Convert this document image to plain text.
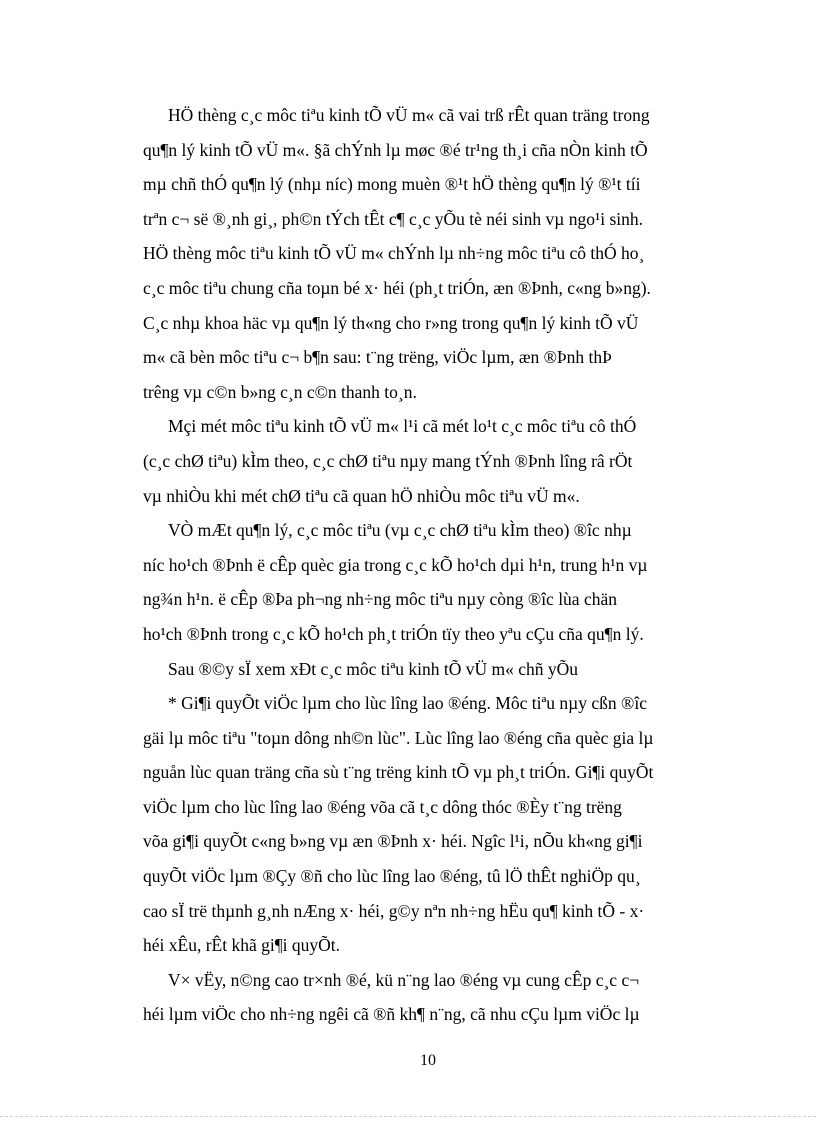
HÖ thèng c¸c môc tiªu kinh tÕ vÜ m« cã vai trß rÊt quan träng trong
qu¶n lý kinh tÕ vÜ m«. §ã chÝnh lµ møc ®é tr¹ng th¸i cña nÒn kinh tÕ
mµ chñ thÓ qu¶n lý (nhµ níc) mong muèn ®¹t hÖ thèng qu¶n lý ®¹t tíi
trªn c¬ së ®¸nh gi¸, ph©n tÝch tÊt c¶ c¸c yÕu tè néi sinh vµ ngo¹i sinh.
HÖ thèng môc tiªu kinh tÕ vÜ m« chÝnh lµ nh÷ng môc tiªu cô thÓ ho¸
c¸c môc tiªu chung cña toµn bé x· héi (ph¸t triÓn, æn ®Þnh, c«ng b»ng).
C¸c nhµ khoa häc vµ qu¶n lý th«ng cho r»ng trong qu¶n lý kinh tÕ vÜ
m« cã bèn môc tiªu c¬ b¶n sau: t¨ng trëng, viÖc lµm, æn ®Þnh thÞ
trêng vµ c©n b»ng c¸n c©n thanh to¸n.
Mçi mét môc tiªu kinh tÕ vÜ m« l¹i cã mét lo¹t c¸c môc tiªu cô thÓ
(c¸c chØ tiªu) kÌm theo, c¸c chØ tiªu nµy mang tÝnh ®Þnh lîng râ rÖt
vµ nhiÒu khi mét chØ tiªu cã quan hÖ nhiÒu môc tiªu vÜ m«.
VÒ mÆt qu¶n lý, c¸c môc tiªu (vµ c¸c chØ tiªu kÌm theo) ®îc nhµ
níc ho¹ch ®Þnh ë cÊp quèc gia trong c¸c kÕ ho¹ch dµi h¹n, trung h¹n vµ
ng¾n h¹n. ë cÊp ®Þa ph¬ng nh÷ng môc tiªu nµy còng ®îc lùa chän
ho¹ch ®Þnh trong c¸c kÕ ho¹ch ph¸t triÓn tïy theo yªu cÇu cña qu¶n lý.
Sau ®©y sÏ xem xÐt c¸c môc tiªu kinh tÕ vÜ m« chñ yÕu
* Gi¶i quyÕt viÖc lµm cho lùc lîng lao ®éng. Môc tiªu nµy cßn ®îc
gäi lµ môc tiªu "toµn dông nh©n lùc". Lùc lîng lao ®éng cña quèc gia lµ
nguån lùc quan träng cña sù t¨ng trëng kinh tÕ vµ ph¸t triÓn. Gi¶i quyÕt
viÖc lµm cho lùc lîng lao ®éng võa cã t¸c dông thóc ®Èy t¨ng trëng
võa gi¶i quyÕt c«ng b»ng vµ æn ®Þnh x· héi. Ngîc l¹i, nÕu kh«ng gi¶i
quyÕt viÖc lµm ®Çy ®ñ cho lùc lîng lao ®éng, tû lÖ thÊt nghiÖp qu¸
cao sÏ trë thµnh g¸nh nÆng x· héi, g©y nªn nh÷ng hËu qu¶ kinh tÕ - x·
héi xÊu, rÊt khã gi¶i quyÕt.
V× vËy, n©ng cao tr×nh ®é, kü n¨ng lao ®éng vµ cung cÊp c¸c c¬
héi lµm viÖc cho nh÷ng ngêi cã ®ñ kh¶ n¨ng, cã nhu cÇu lµm viÖc lµ
10
